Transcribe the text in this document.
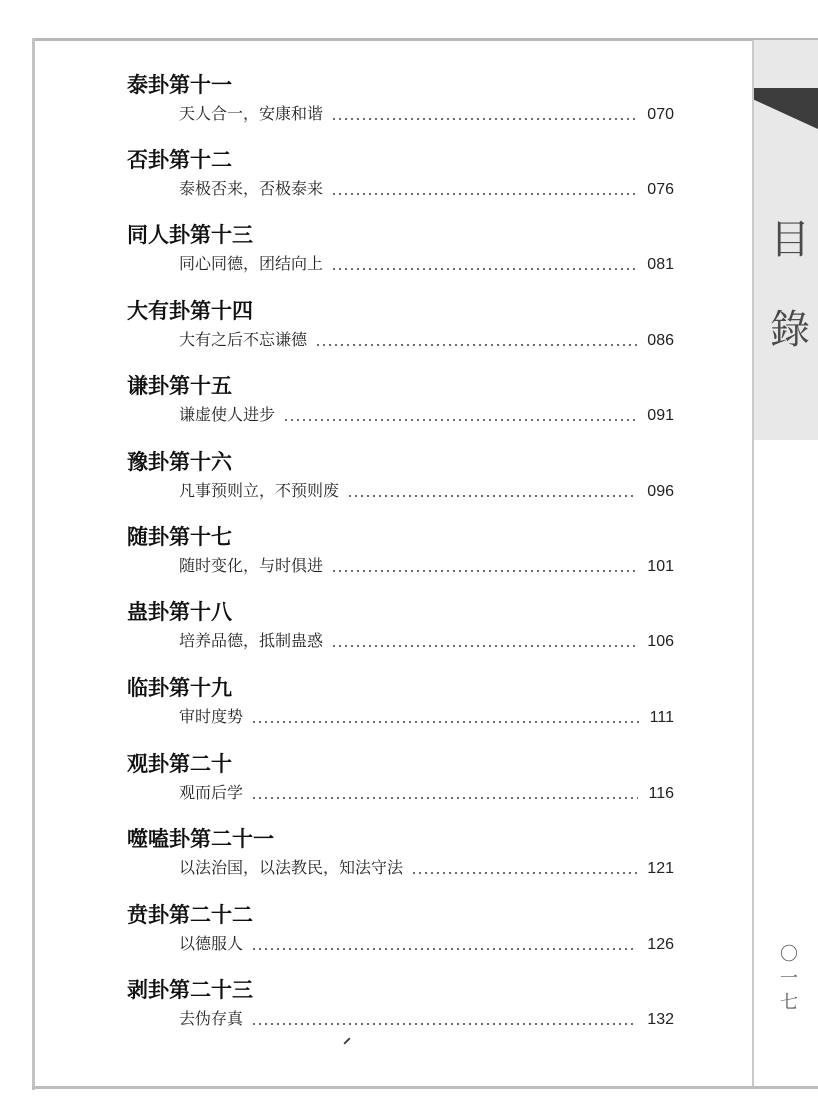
泰卦第十一
天人合一，安康和谐	070
否卦第十二
泰极否来，否极泰来	076
同人卦第十三
同心同德，团结向上	081
大有卦第十四
大有之后不忘谦德	086
谦卦第十五
谦虚使人进步	091
豫卦第十六
凡事预则立，不预则废	096
随卦第十七
随时变化，与时俱进	101
蛊卦第十八
培养品德，抵制蛊惑	106
临卦第十九
审时度势	111
观卦第二十
观而后学	116
噬嗑卦第二十一
以法治国，以法教民，知法守法	121
贲卦第二十二
以德服人	126
剥卦第二十三
去伪存真	132
目
錄
〇
一
七
